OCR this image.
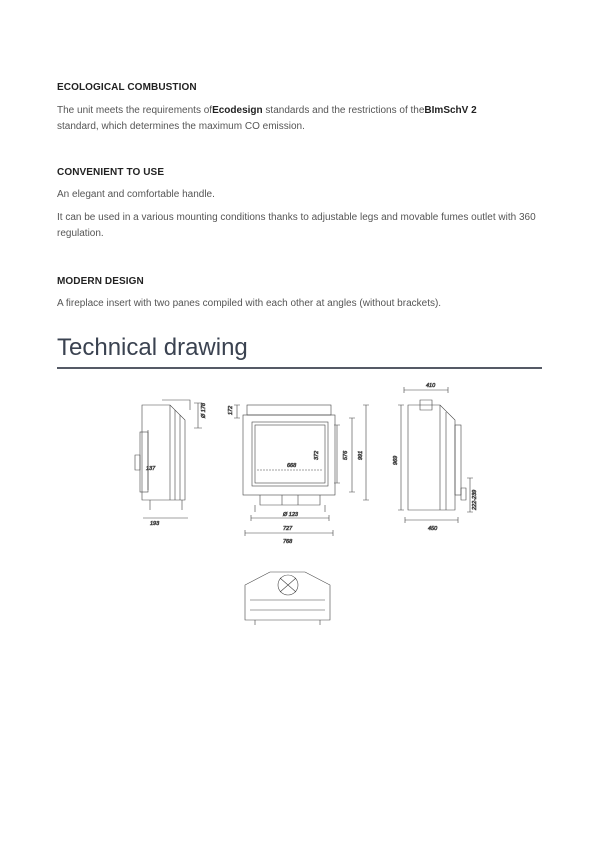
ECOLOGICAL COMBUSTION
The unit meets the requirements ofEcodesign standards and the restrictions of theBImSchV 2
standard, which determines the maximum CO emission.
CONVENIENT TO USE
An elegant and comfortable handle.
It can be used in a various mounting conditions thanks to adjustable legs and movable fumes outlet with 360 regulation.
MODERN DESIGN
A fireplace insert with two panes compiled with each other at angles (without brackets).
Technical drawing
Ø 178	172
137
193
372	576 991
668
Ø 123
727
768
410
969
222-239
450
